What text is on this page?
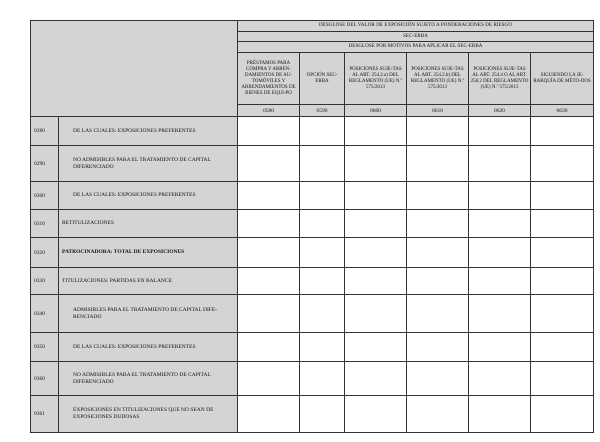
		DESGLOSE DEL VALOR DE EXPOSICIÓN SUJETO A PONDERACIONES DE RIESGO					
		SEC-ERBA					
		DESGLOSE POR MOTIVOS PARA APLICAR EL SEC-ERBA					
		PRÉSTAMOS PARA COMPRA Y ARREN-DAMIENTOS DE AU-TOMÓVILES Y ARRENDAMIENTOS DE BIENES DE EQUI-PO	OPCIÓN SEC-ERBA	POSICIONES SUJE-TAS AL ART. 254.2.a) DEL REGLAMENTO (UE) N.º 575/2013	POSICIONES SUJE-TAS AL ART. 254.2.b) DEL REGLAMENTO (UE) N.º 575/2013	POSICIONES SUJE-TAS AL ART. 254.4 O AL ART. 258.2 DEL REGLAMENTO (UE) N.º 575/2013	SIGUIENDO LA JE-RARQUÍA DE MÉTO-DOS
		0580	0590	0600	0610	0620	0630
0280	DE LAS CUALES: EXPOSICIONES PREFERENTES						
0290	NO ADMISIBLES PARA EL TRATAMIENTO DE CAPITAL DIFERENCIADO						
0300	DE LAS CUALES: EXPOSICIONES PREFERENTES						
0310	RETITULIZACIONES						
0320	PATROCINADORA: TOTAL DE EXPOSICIONES						
0330	TITULIZACIONES: PARTIDAS EN BALANCE						
0340	ADMISIBLES PARA EL TRATAMIENTO DE CAPITAL DIFE-RENCIADO						
0350	DE LAS CUALES: EXPOSICIONES PREFERENTES						
0360	NO ADMISIBLES PARA EL TRATAMIENTO DE CAPITAL DIFERENCIADO						
0361	EXPOSICIONES EN TITULIZACIONES QUE NO SEAN DE EXPOSICIONES DUDOSAS						
